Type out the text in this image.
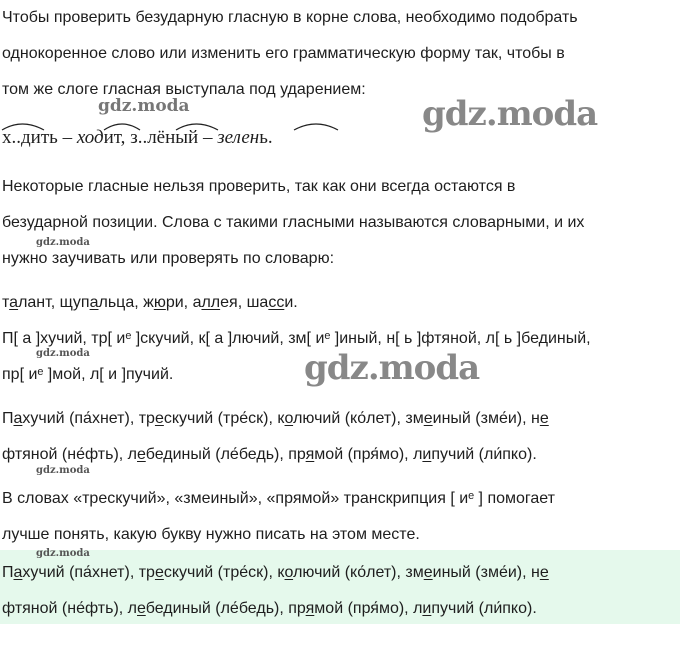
Чтобы проверить безударную гласную в корне слова, необходимо подобрать
однокоренное слово или изменить его грамматическую форму так, чтобы в
том же слоге гласная выступала под ударением:
х..дить – ходит, з..лёный – зелень.
Некоторые гласные нельзя проверить, так как они всегда остаются в
безударной позиции. Слова с такими гласными называются словарными, и их
нужно заучивать или проверять по словарю:
талант, щупальца, жюри, аллея, шaсси.
П[ а ]хучий, тр[ иᵉ ]скучий, к[ а ]лючий, зм[ иᵉ ]иный, н[ ь ]фтяной, л[ ь ]бединый,
пр[ иᵉ ]мой, л[ и ]пучий.
Пахучий (па́хнет), трескучий (тре́ск), колючий (ко́лет), змеиный (зме́и), не
фтяной (не́фть), лебединый (ле́бедь), прямой (пря́мо), липучий (ли́пко).
В словах «трескучий», «змеиный», «прямой» транскрипция [ иᵉ ] помогает
лучше понять, какую букву нужно писать на этом месте.
Пахучий (па́хнет), трескучий (тре́ск), колючий (ко́лет), змеиный (зме́и), не
фтяной (не́фть), лебединый (ле́бедь), прямой (пря́мо), липучий (ли́пко).
gdz.moda	gdz.moda
gdz.moda
gdz.moda	gdz.moda
gdz.moda
gdz.moda
